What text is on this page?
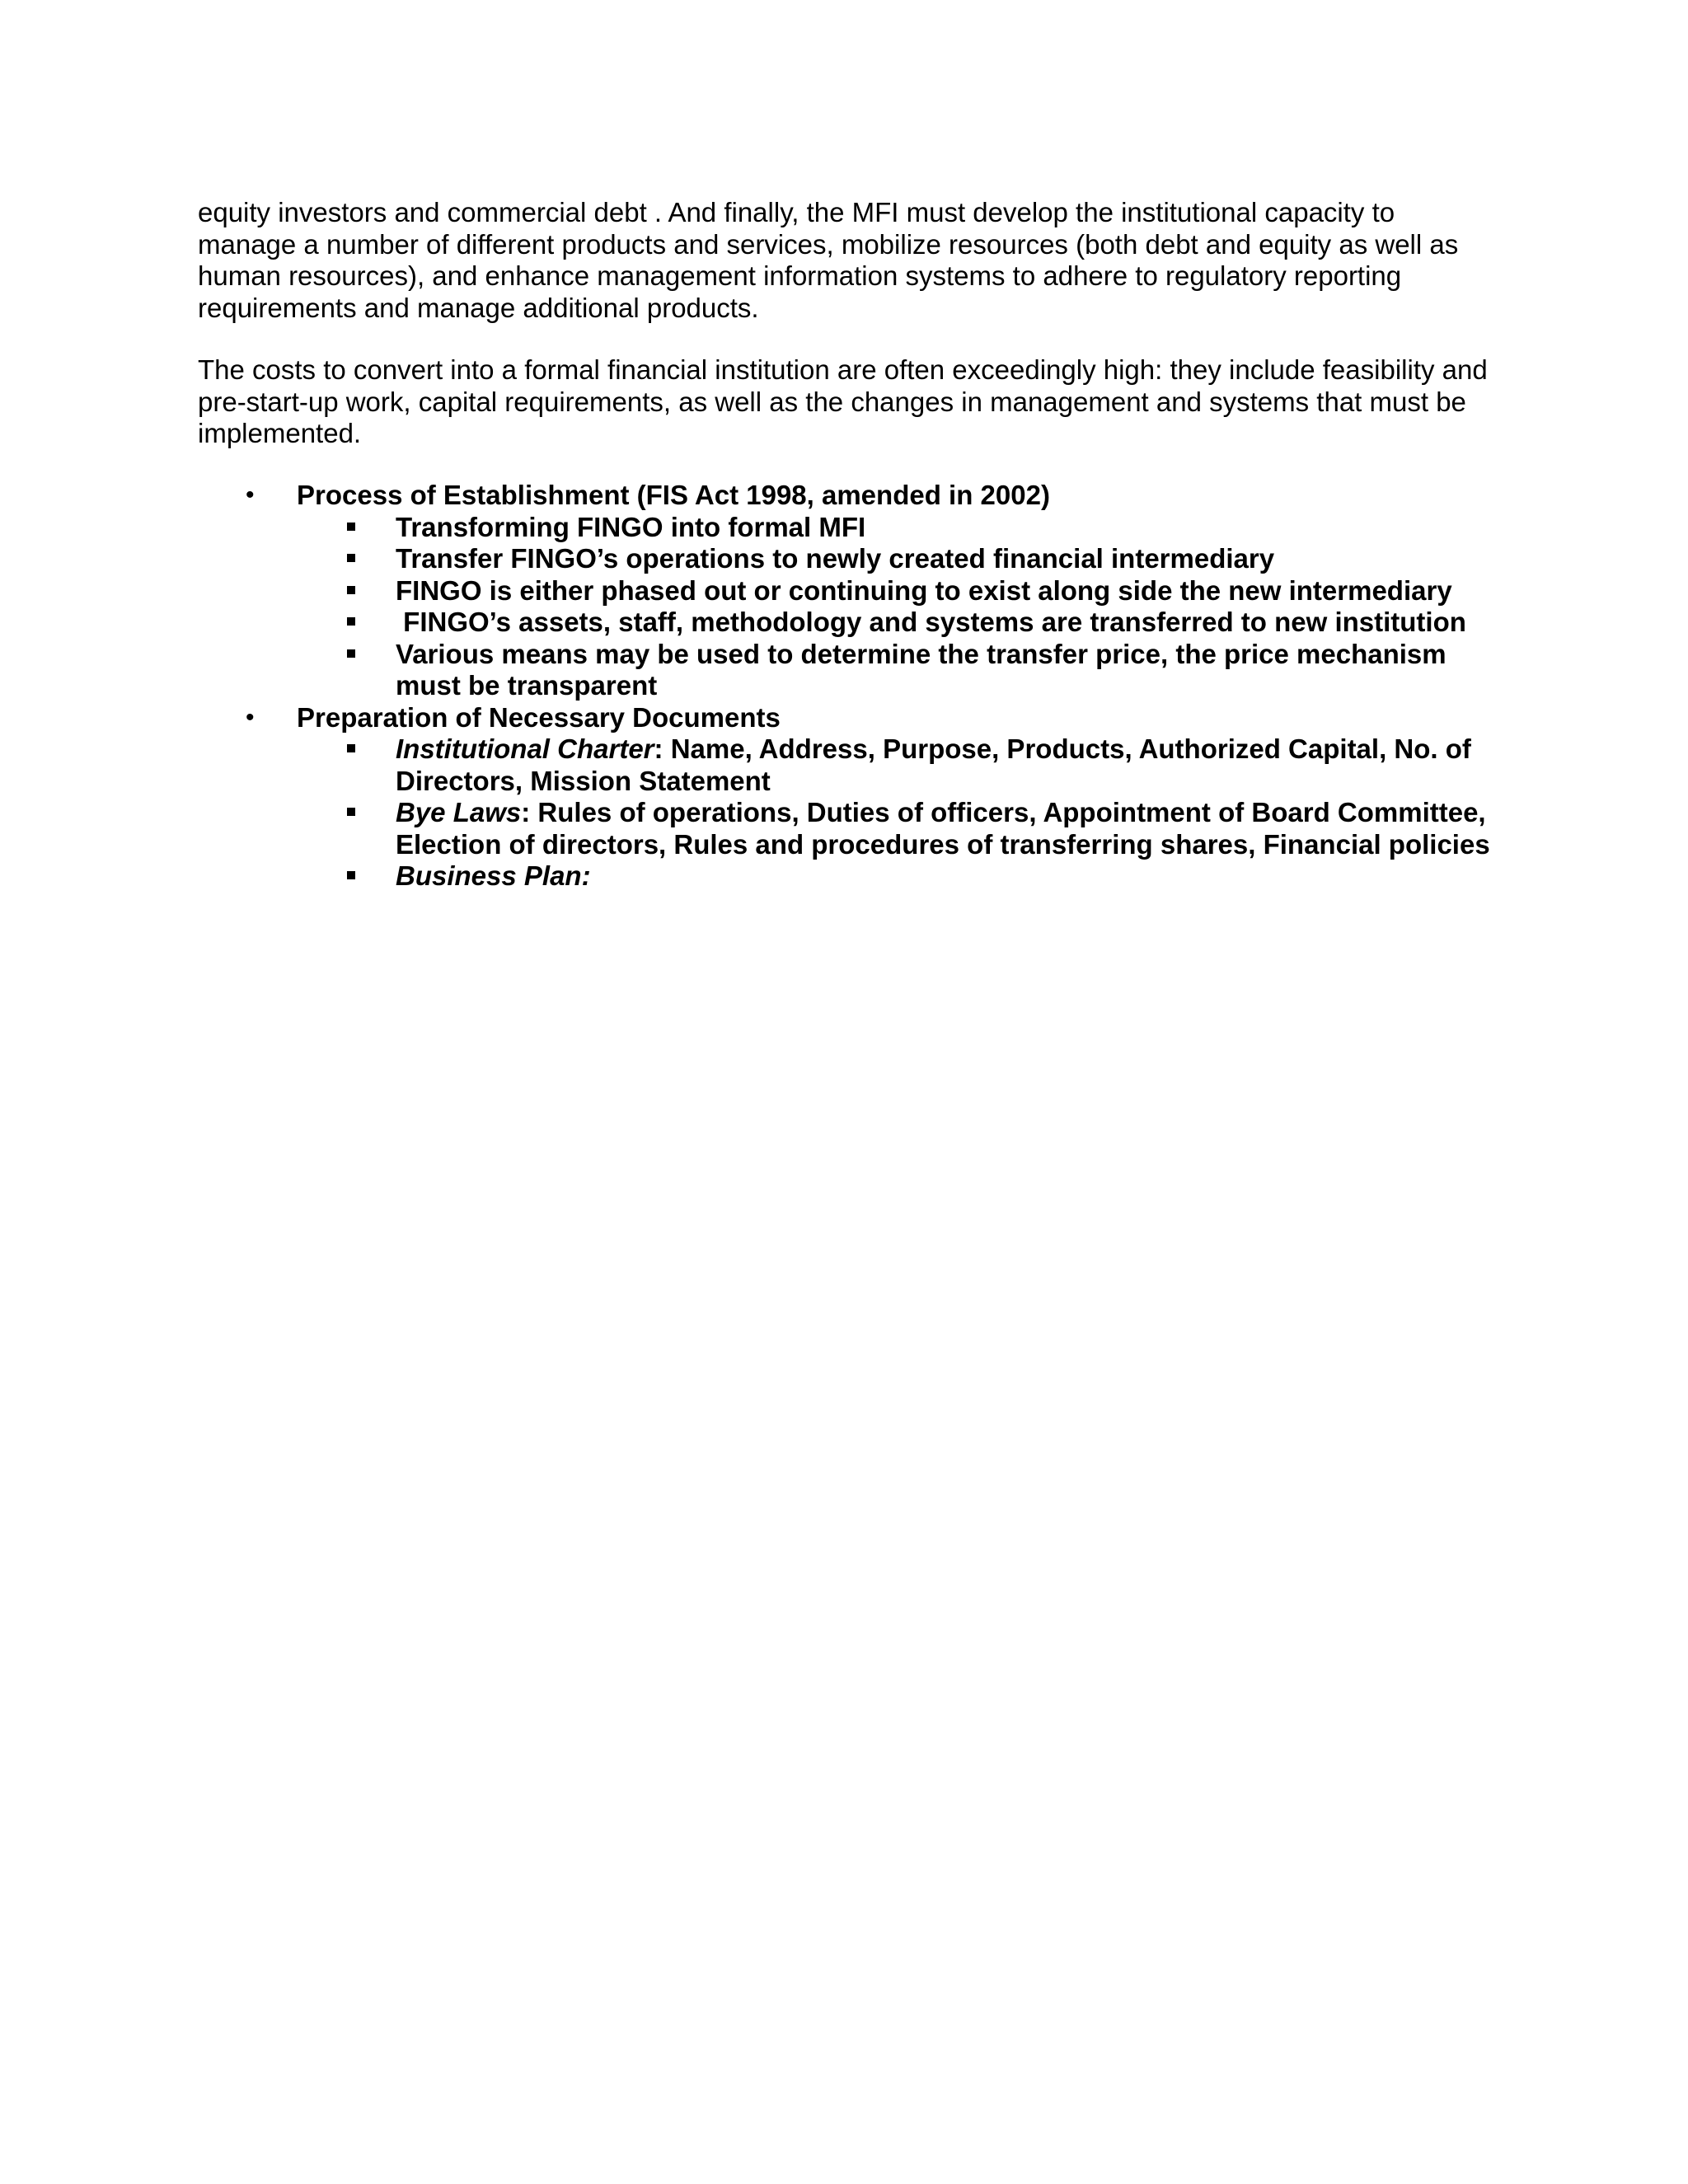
equity investors and commercial debt . And finally, the MFI must develop the institutional capacity to manage a number of different products and services, mobilize resources (both debt and equity as well as human resources), and enhance management information systems to adhere to regulatory reporting requirements and manage additional products.

The costs to convert into a formal financial institution are often exceedingly high: they include feasibility and pre-start-up work, capital requirements, as well as the changes in management and systems that must be implemented.

• Process of Establishment (FIS Act 1998, amended in 2002)
Transforming FINGO into formal MFI
Transfer FINGO’s operations to newly created financial intermediary
FINGO is either phased out or continuing to exist along side the new intermediary
FINGO’s assets, staff, methodology and systems are transferred to new institution
Various means may be used to determine the transfer price, the price mechanism must be transparent
• Preparation of Necessary Documents
Institutional Charter: Name, Address, Purpose, Products, Authorized Capital, No. of Directors, Mission Statement
Bye Laws: Rules of operations, Duties of officers, Appointment of Board Committee, Election of directors, Rules and procedures of transferring shares, Financial policies
Business Plan:
